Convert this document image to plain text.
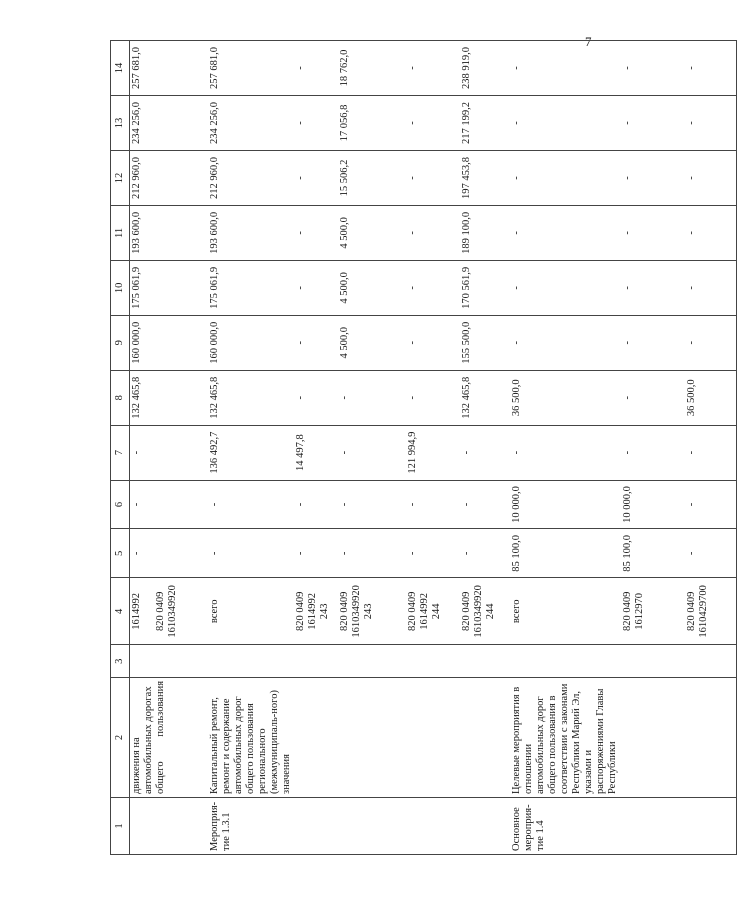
7
1	2	3	4	5	6	7	8	9	10	11	12	13	14
	движения на автомобильных дорогах общего пользования		1614992

820 0409
1610349920	-	-	-	132 465,8	160 000,0	175 061,9	193 600,0	212 960,0	234 256,0	257 681,0
Мероприя-тие 1.3.1	Капитальный ремонт, ремонт и содержание автомобильных дорог общего пользования регионального (межмуниципаль-ного) значения		всего	-	-	136 492,7	132 465,8	160 000,0	175 061,9	193 600,0	212 960,0	234 256,0	257 681,0
			820 0409
1614992
243	-	-	14 497,8	-	-	-	-	-	-	-
			820 0409
1610349920
243	-	-	-	-	4 500,0	4 500,0	4 500,0	15 506,2	17 056,8	18 762,0
			820 0409
1614992
244	-	-	121 994,9	-	-	-	-	-	-	-
			820 0409
1610349920
244	-	-	-	132 465,8	155 500,0	170 561,9	189 100,0	197 453,8	217 199,2	238 919,0
Основное мероприя-тие 1.4	Целевые мероприятия в отношении автомобильных дорог общего пользования в соответствии с законами Республики Марий Эл, указами и распоряжениями Главы Республики		всего	85 100,0	10 000,0	-	36 500,0	-	-	-	-	-	-
			820 0409
1612970	85 100,0	10 000,0	-	-	-	-	-	-	-	-
			820 0409
1610429700	-	-	-	36 500,0	-	-	-	-	-	-
